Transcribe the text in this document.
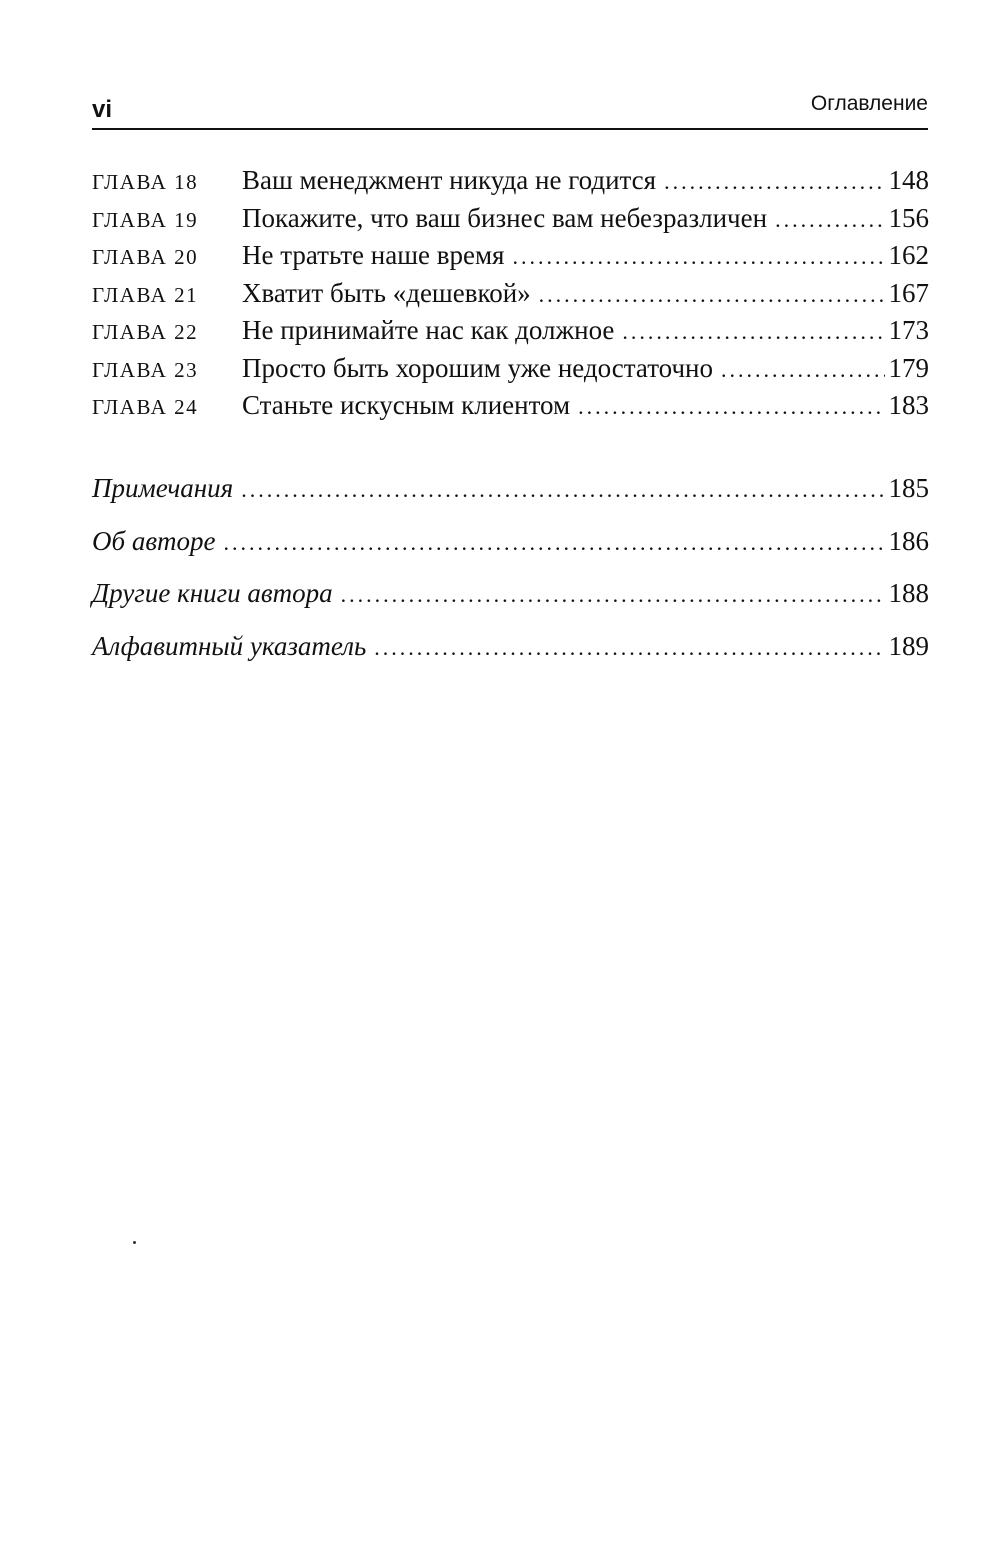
vi	Оглавление
ГЛАВА 18	Ваш менеджмент никуда не годится .....	148
ГЛАВА 19	Покажите, что ваш бизнес вам небезразличен .....	156
ГЛАВА 20	Не тратьте наше время .....	162
ГЛАВА 21	Хватит быть «дешевкой» .....	167
ГЛАВА 22	Не принимайте нас как должное .....	173
ГЛАВА 23	Просто быть хорошим уже недостаточно .....	179
ГЛАВА 24	Станьте искусным клиентом .....	183
Примечания .....	185
Об авторе .....	186
Другие книги автора .....	188
Алфавитный указатель .....	189
